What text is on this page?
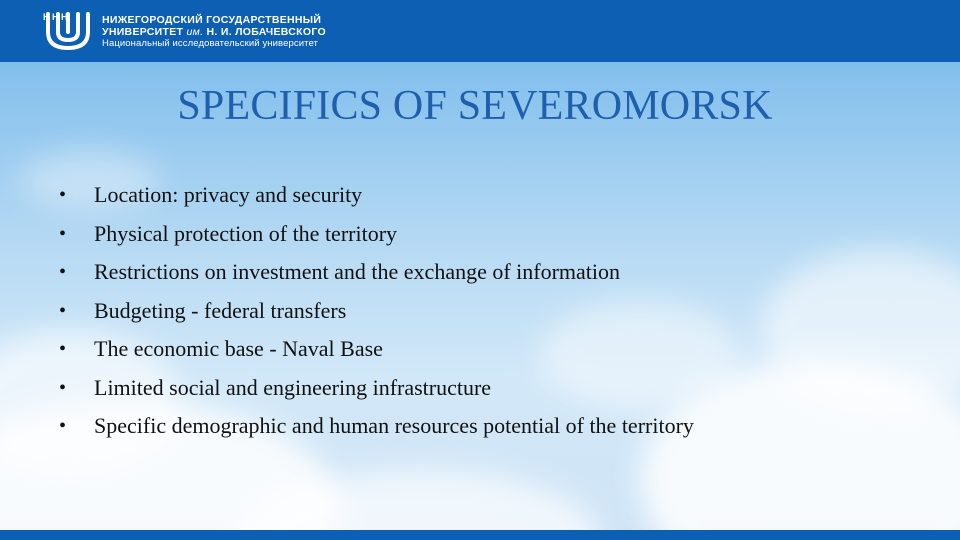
Н Н Н	НИЖЕГОРОДСКИЙ ГОСУДАРСТВЕННЫЙ
УНИВЕРСИТЕТ им. Н. И. ЛОБАЧЕВСКОГО
Национальный исследовательский университет
SPECIFICS OF SEVEROMORSK
• Location: privacy and security
• Physical protection of the territory
• Restrictions on investment and the exchange of information
• Budgeting - federal transfers
• The economic base - Naval Base
• Limited social and engineering infrastructure
• Specific demographic and human resources potential of the territory
